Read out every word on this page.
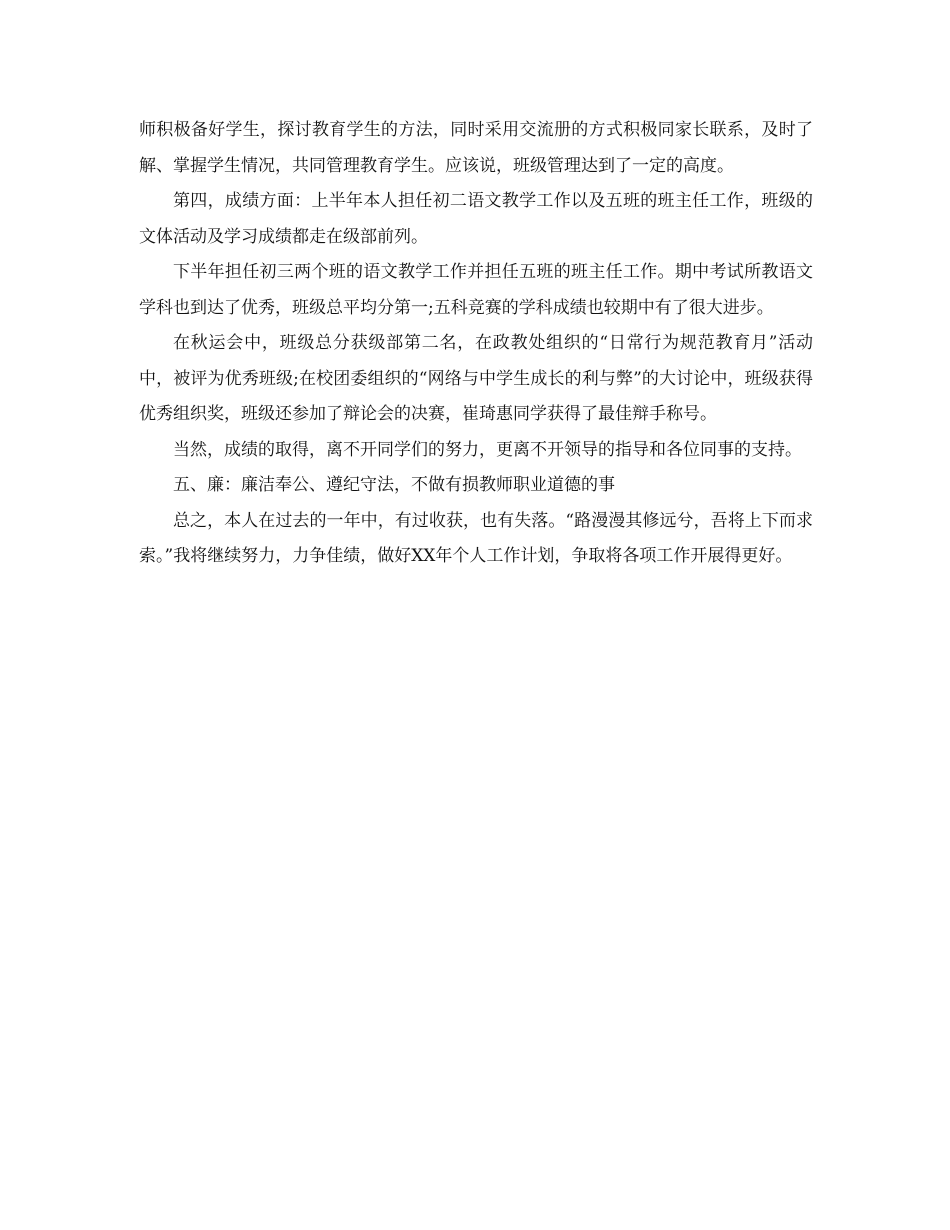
师积极备好学生，探讨教育学生的方法，同时采用交流册的方式积极同家长联系，及时了解、掌握学生情况，共同管理教育学生。应该说，班级管理达到了一定的高度。

第四，成绩方面：上半年本人担任初二语文教学工作以及五班的班主任工作，班级的文体活动及学习成绩都走在级部前列。

下半年担任初三两个班的语文教学工作并担任五班的班主任工作。期中考试所教语文学科也到达了优秀，班级总平均分第一;五科竞赛的学科成绩也较期中有了很大进步。

在秋运会中，班级总分获级部第二名，在政教处组织的“日常行为规范教育月”活动中，被评为优秀班级;在校团委组织的“网络与中学生成长的利与弊”的大讨论中，班级获得优秀组织奖，班级还参加了辩论会的决赛，崔琦惠同学获得了最佳辩手称号。

当然，成绩的取得，离不开同学们的努力，更离不开领导的指导和各位同事的支持。

五、廉：廉洁奉公、遵纪守法，不做有损教师职业道德的事

总之，本人在过去的一年中，有过收获，也有失落。“路漫漫其修远兮，吾将上下而求索。”我将继续努力，力争佳绩，做好XX年个人工作计划，争取将各项工作开展得更好。
